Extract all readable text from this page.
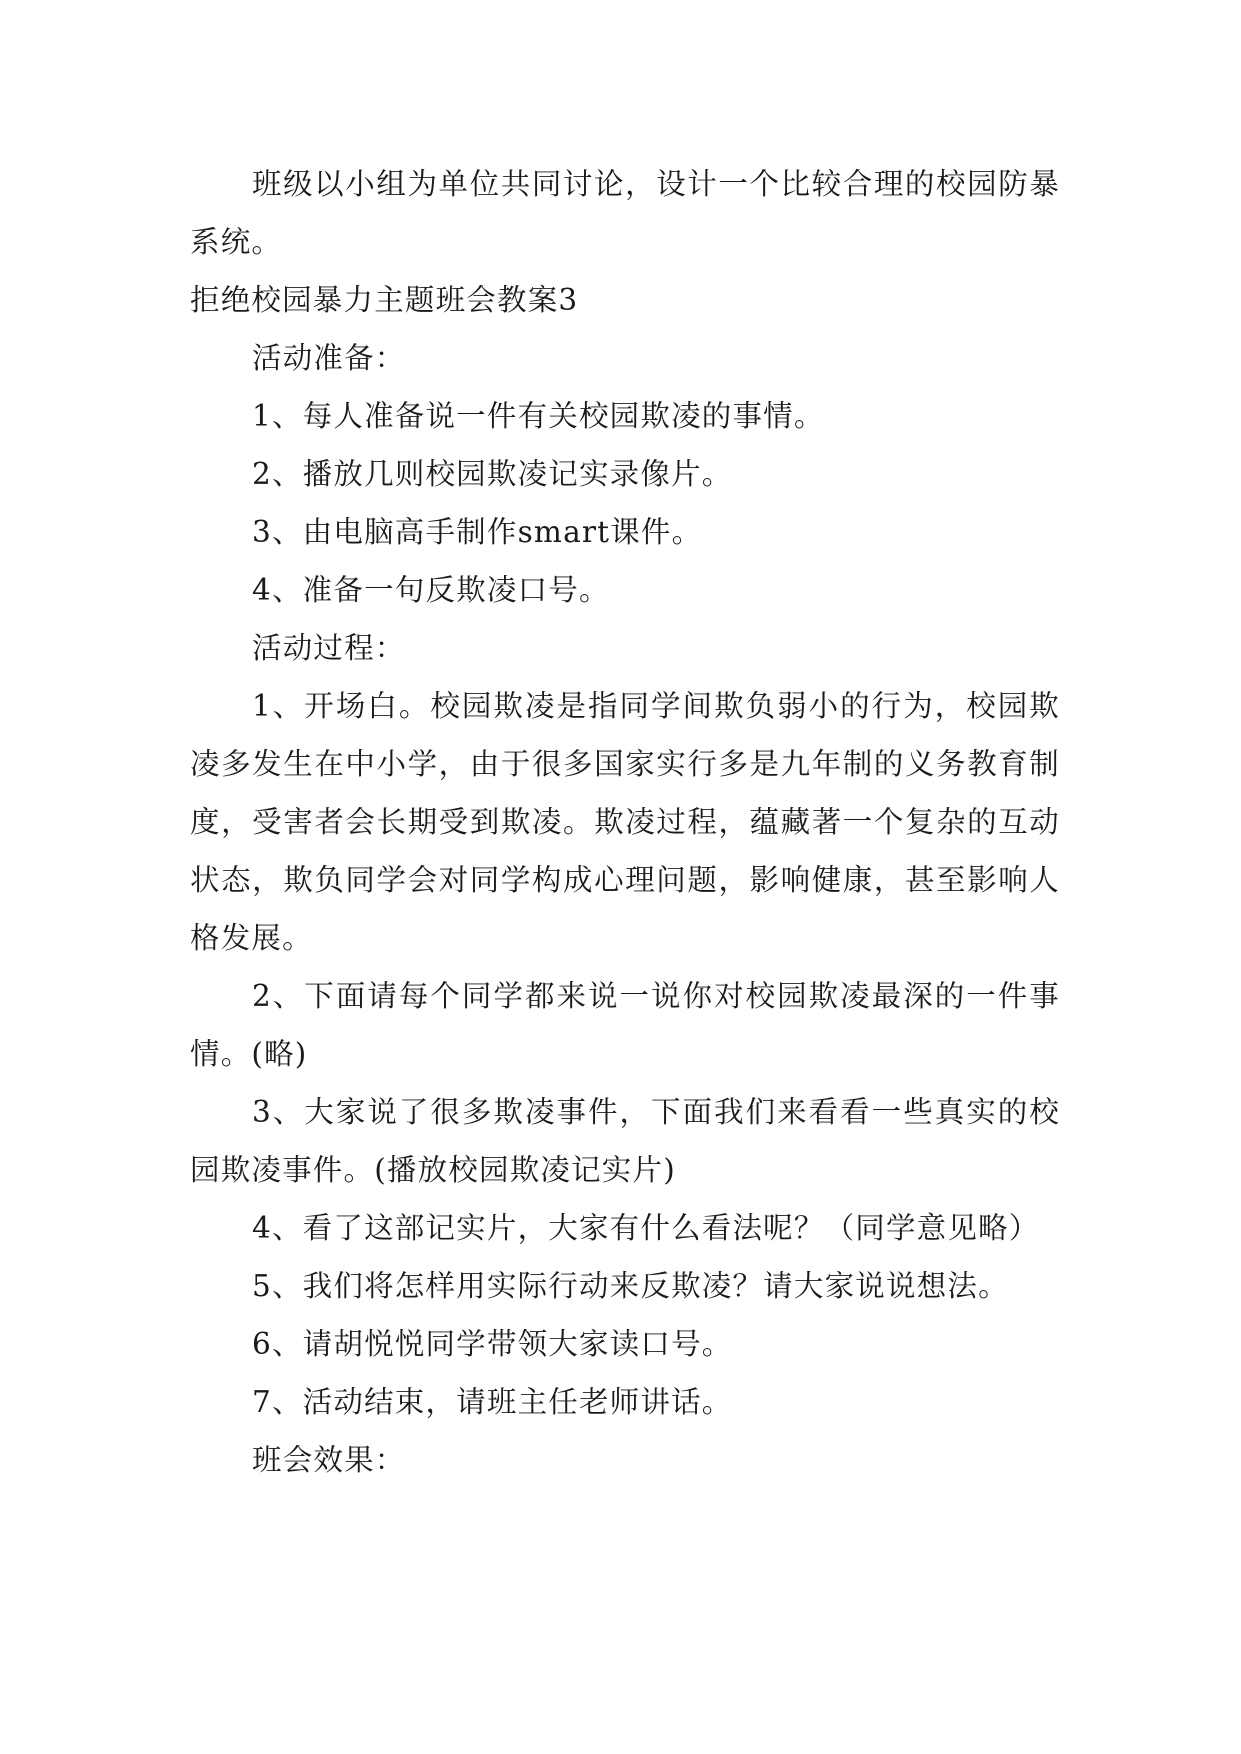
班级以小组为单位共同讨论，设计一个比较合理的校园防暴系统。

拒绝校园暴力主题班会教案3

活动准备：

1、每人准备说一件有关校园欺凌的事情。

2、播放几则校园欺凌记实录像片。

3、由电脑高手制作smart课件。

4、准备一句反欺凌口号。

活动过程：

1、开场白。校园欺凌是指同学间欺负弱小的行为，校园欺凌多发生在中小学，由于很多国家实行多是九年制的义务教育制度，受害者会长期受到欺凌。欺凌过程，蕴藏著一个复杂的互动状态，欺负同学会对同学构成心理问题，影响健康，甚至影响人格发展。

2、下面请每个同学都来说一说你对校园欺凌最深的一件事情。(略)

3、大家说了很多欺凌事件，下面我们来看看一些真实的校园欺凌事件。(播放校园欺凌记实片)

4、看了这部记实片，大家有什么看法呢？（同学意见略）

5、我们将怎样用实际行动来反欺凌？请大家说说想法。

6、请胡悦悦同学带领大家读口号。

7、活动结束，请班主任老师讲话。

班会效果：
